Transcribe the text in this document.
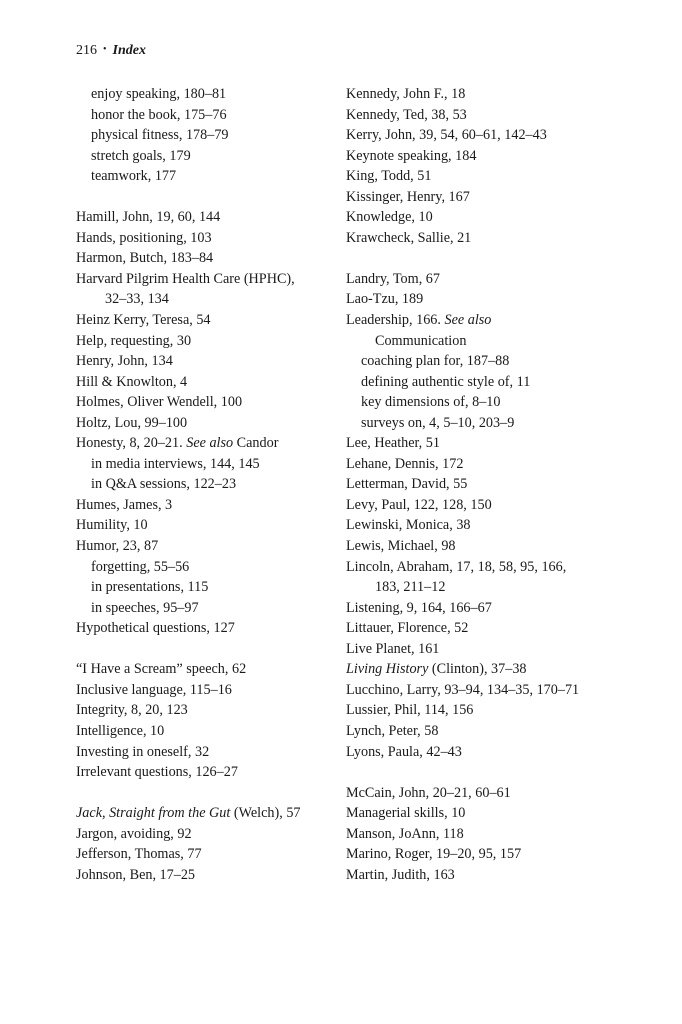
216 • Index
enjoy speaking, 180–81
honor the book, 175–76
physical fitness, 178–79
stretch goals, 179
teamwork, 177
Hamill, John, 19, 60, 144
Hands, positioning, 103
Harmon, Butch, 183–84
Harvard Pilgrim Health Care (HPHC),
32–33, 134
Heinz Kerry, Teresa, 54
Help, requesting, 30
Henry, John, 134
Hill & Knowlton, 4
Holmes, Oliver Wendell, 100
Holtz, Lou, 99–100
Honesty, 8, 20–21. See also Candor
in media interviews, 144, 145
in Q&A sessions, 122–23
Humes, James, 3
Humility, 10
Humor, 23, 87
forgetting, 55–56
in presentations, 115
in speeches, 95–97
Hypothetical questions, 127
“I Have a Scream” speech, 62
Inclusive language, 115–16
Integrity, 8, 20, 123
Intelligence, 10
Investing in oneself, 32
Irrelevant questions, 126–27
Jack, Straight from the Gut (Welch), 57
Jargon, avoiding, 92
Jefferson, Thomas, 77
Johnson, Ben, 17–25
Kennedy, John F., 18
Kennedy, Ted, 38, 53
Kerry, John, 39, 54, 60–61, 142–43
Keynote speaking, 184
King, Todd, 51
Kissinger, Henry, 167
Knowledge, 10
Krawcheck, Sallie, 21
Landry, Tom, 67
Lao-Tzu, 189
Leadership, 166. See also
Communication
coaching plan for, 187–88
defining authentic style of, 11
key dimensions of, 8–10
surveys on, 4, 5–10, 203–9
Lee, Heather, 51
Lehane, Dennis, 172
Letterman, David, 55
Levy, Paul, 122, 128, 150
Lewinski, Monica, 38
Lewis, Michael, 98
Lincoln, Abraham, 17, 18, 58, 95, 166,
183, 211–12
Listening, 9, 164, 166–67
Littauer, Florence, 52
Live Planet, 161
Living History (Clinton), 37–38
Lucchino, Larry, 93–94, 134–35, 170–71
Lussier, Phil, 114, 156
Lynch, Peter, 58
Lyons, Paula, 42–43
McCain, John, 20–21, 60–61
Managerial skills, 10
Manson, JoAnn, 118
Marino, Roger, 19–20, 95, 157
Martin, Judith, 163
